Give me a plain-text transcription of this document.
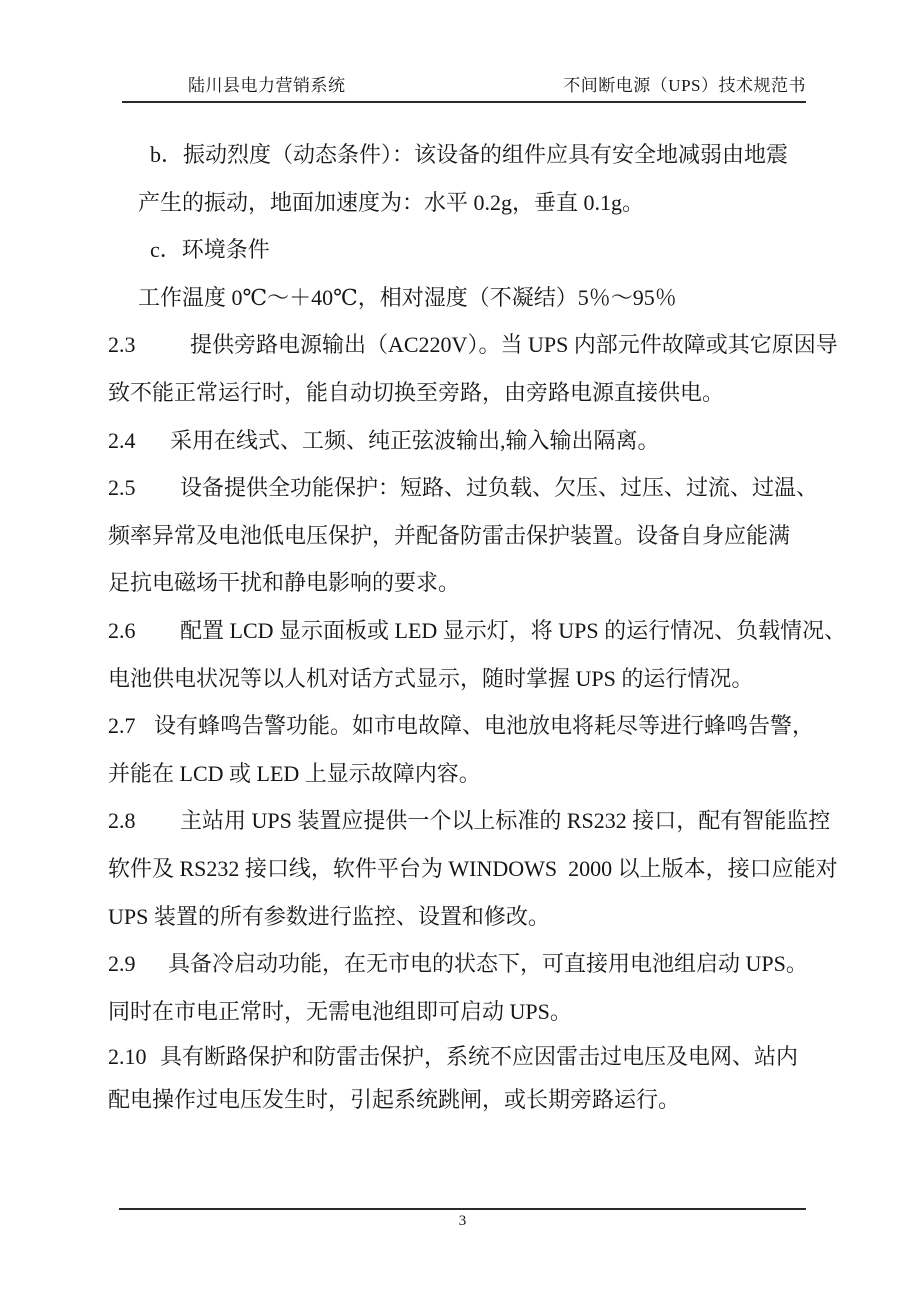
陆川县电力营销系统	不间断电源（UPS）技术规范书
b．振动烈度（动态条件）：该设备的组件应具有安全地减弱由地震
产生的振动，地面加速度为：水平 0.2g，垂直 0.1g。
c．环境条件
工作温度 0℃～＋40℃，相对湿度（不凝结）5％～95％
2.3 提供旁路电源输出（AC220V）。当 UPS 内部元件故障或其它原因导
致不能正常运行时，能自动切换至旁路，由旁路电源直接供电。
2.4 采用在线式、工频、纯正弦波输出,输入输出隔离。
2.5 设备提供全功能保护：短路、过负载、欠压、过压、过流、过温、
频率异常及电池低电压保护，并配备防雷击保护装置。设备自身应能满
足抗电磁场干扰和静电影响的要求。
2.6 配置 LCD 显示面板或 LED 显示灯，将 UPS 的运行情况、负载情况、
电池供电状况等以人机对话方式显示，随时掌握 UPS 的运行情况。
2.7 设有蜂鸣告警功能。如市电故障、电池放电将耗尽等进行蜂鸣告警，
并能在 LCD 或 LED 上显示故障内容。
2.8 主站用 UPS 装置应提供一个以上标准的 RS232 接口，配有智能监控
软件及 RS232 接口线，软件平台为 WINDOWS  2000 以上版本，接口应能对
UPS 装置的所有参数进行监控、设置和修改。
2.9 具备冷启动功能，在无市电的状态下，可直接用电池组启动 UPS。
同时在市电正常时，无需电池组即可启动 UPS。
2.10 具有断路保护和防雷击保护，系统不应因雷击过电压及电网、站内
配电操作过电压发生时，引起系统跳闸，或长期旁路运行。
3
